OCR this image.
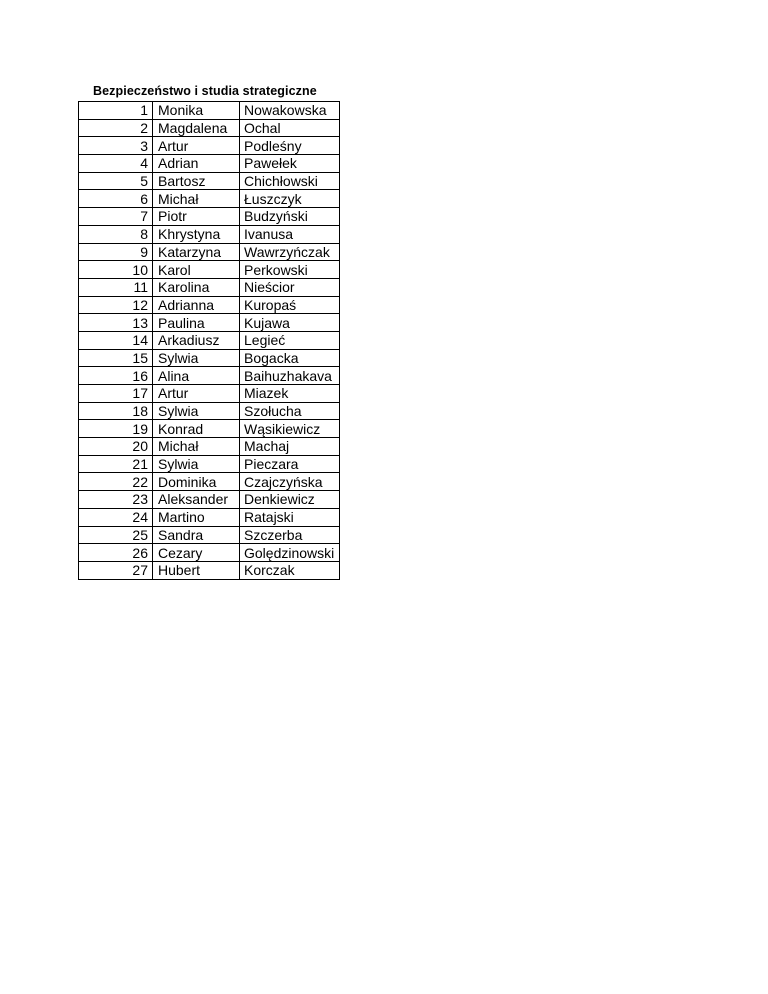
Bezpieczeństwo i studia strategiczne
1	Monika	Nowakowska
2	Magdalena	Ochal
3	Artur	Podleśny
4	Adrian	Pawełek
5	Bartosz	Chichłowski
6	Michał	Łuszczyk
7	Piotr	Budzyński
8	Khrystyna	Ivanusa
9	Katarzyna	Wawrzyńczak
10	Karol	Perkowski
11	Karolina	Nieścior
12	Adrianna	Kuropaś
13	Paulina	Kujawa
14	Arkadiusz	Legieć
15	Sylwia	Bogacka
16	Alina	Baihuzhakava
17	Artur	Miazek
18	Sylwia	Szołucha
19	Konrad	Wąsikiewicz
20	Michał	Machaj
21	Sylwia	Pieczara
22	Dominika	Czajczyńska
23	Aleksander	Denkiewicz
24	Martino	Ratajski
25	Sandra	Szczerba
26	Cezary	Golędzinowski
27	Hubert	Korczak
